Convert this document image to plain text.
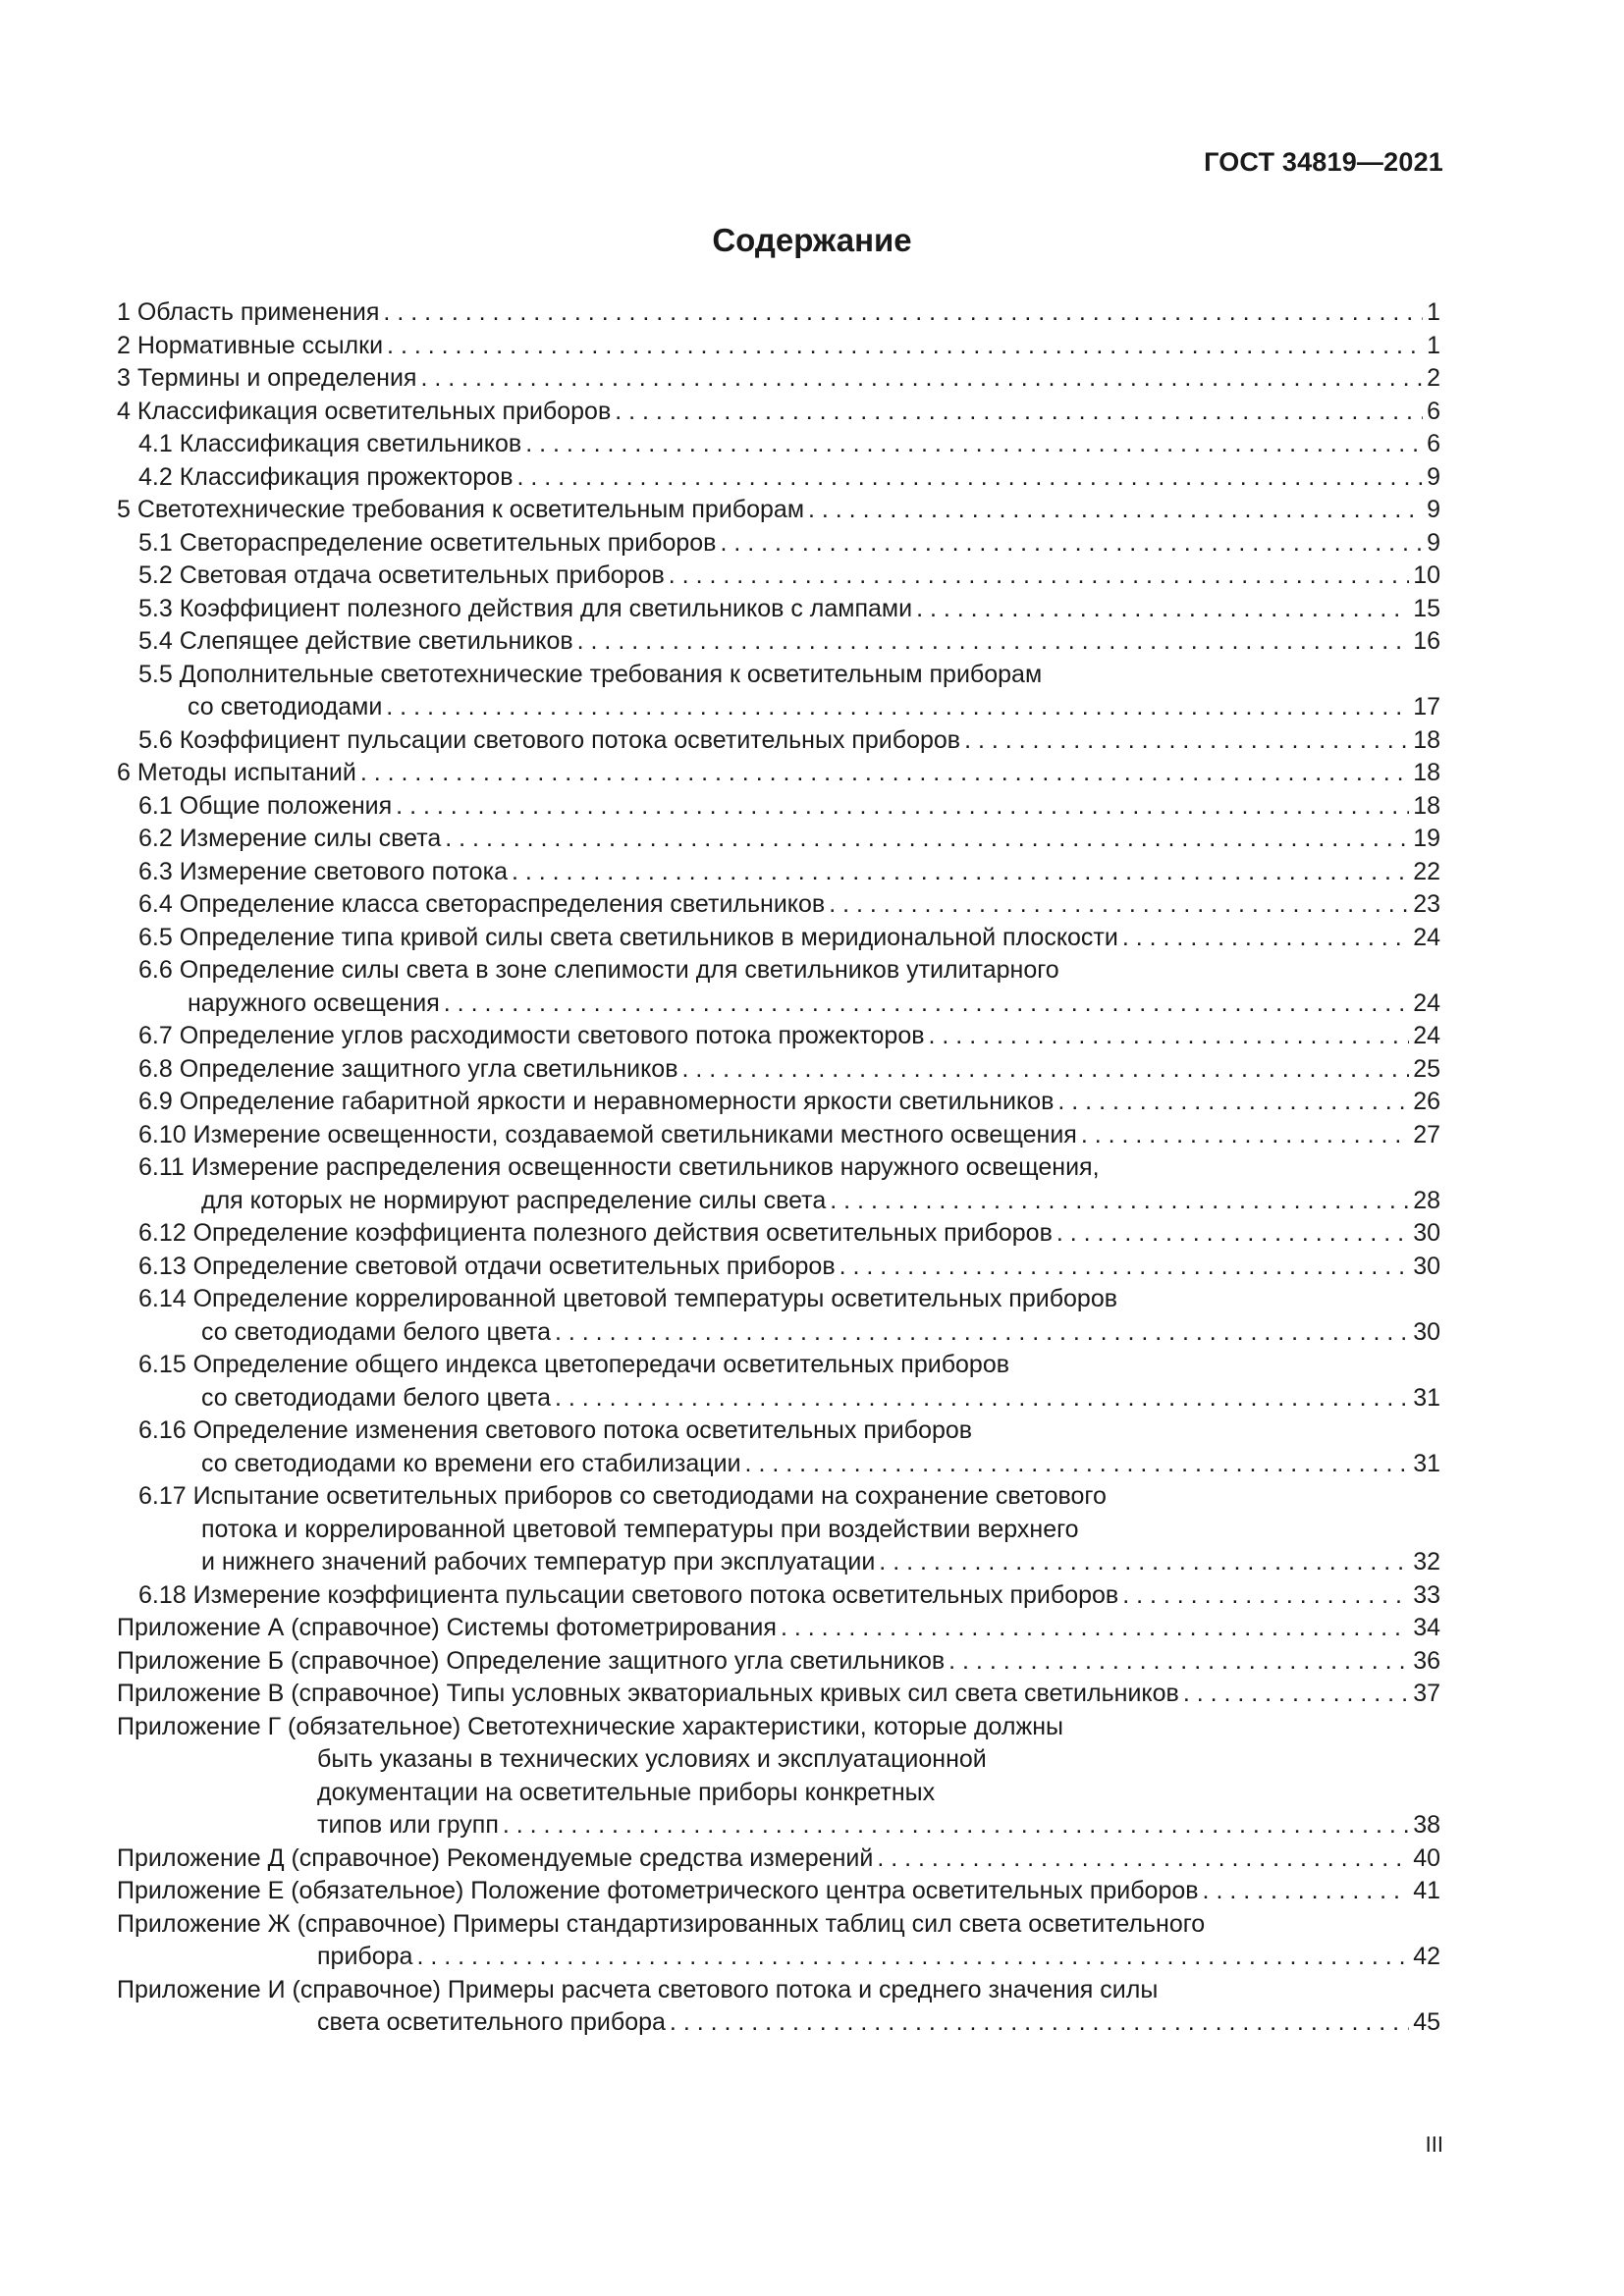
ГОСТ 34819—2021
Содержание
1 Область применения . . .	1
2 Нормативные ссылки . . .	1
3 Термины и определения . . .	2
4 Классификация осветительных приборов . . .	6
4.1 Классификация светильников . . .	6
4.2 Классификация прожекторов . . .	9
5 Светотехнические требования к осветительным приборам . . .	9
5.1 Светораспределение осветительных приборов . . .	9
5.2 Световая отдача осветительных приборов . . .	10
5.3 Коэффициент полезного действия для светильников с лампами . . .	15
5.4 Слепящее действие светильников . . .	16
5.5 Дополнительные светотехнические требования к осветительным приборам
со светодиодами . . .	17
5.6 Коэффициент пульсации светового потока осветительных приборов . . .	18
6 Методы испытаний . . .	18
6.1 Общие положения . . .	18
6.2 Измерение силы света . . .	19
6.3 Измерение светового потока . . .	22
6.4 Определение класса светораспределения светильников . . .	23
6.5 Определение типа кривой силы света светильников в меридиональной плоскости . . .	24
6.6 Определение силы света в зоне слепимости для светильников утилитарного
наружного освещения . . .	24
6.7 Определение углов расходимости светового потока прожекторов . . .	24
6.8 Определение защитного угла светильников . . .	25
6.9 Определение габаритной яркости и неравномерности яркости светильников . . .	26
6.10 Измерение освещенности, создаваемой светильниками местного освещения . . .	27
6.11 Измерение распределения освещенности светильников наружного освещения,
для которых не нормируют распределение силы света . . .	28
6.12 Определение коэффициента полезного действия осветительных приборов . . .	30
6.13 Определение световой отдачи осветительных приборов . . .	30
6.14 Определение коррелированной цветовой температуры осветительных приборов
со светодиодами белого цвета . . .	30
6.15 Определение общего индекса цветопередачи осветительных приборов
со светодиодами белого цвета . . .	31
6.16 Определение изменения светового потока осветительных приборов
со светодиодами ко времени его стабилизации . . .	31
6.17 Испытание осветительных приборов со светодиодами на сохранение светового
потока и коррелированной цветовой температуры при воздействии верхнего
и нижнего значений рабочих температур при эксплуатации . . .	32
6.18 Измерение коэффициента пульсации светового потока осветительных приборов . . .	33
Приложение А (справочное) Системы фотометрирования . . .	34
Приложение Б (справочное) Определение защитного угла светильников . . .	36
Приложение В (справочное) Типы условных экваториальных кривых сил света светильников . . .	37
Приложение Г (обязательное) Светотехнические характеристики, которые должны
быть указаны в технических условиях и эксплуатационной
документации на осветительные приборы конкретных
типов или групп . . .	38
Приложение Д (справочное) Рекомендуемые средства измерений . . .	40
Приложение Е (обязательное) Положение фотометрического центра осветительных приборов . . .	41
Приложение Ж (справочное) Примеры стандартизированных таблиц сил света осветительного
прибора . . .	42
Приложение И (справочное) Примеры расчета светового потока и среднего значения силы
света осветительного прибора . . .	45
III
